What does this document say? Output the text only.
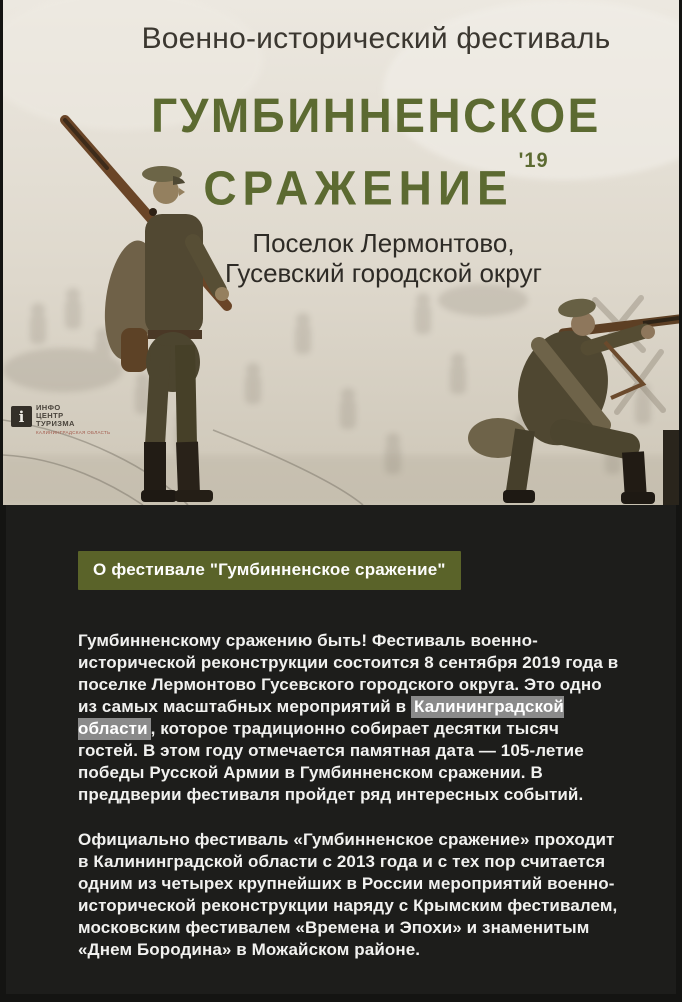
Военно-исторический фестиваль
ГУМБИННЕНСКОЕ
СРАЖЕНИЕ $^{'19}$
Поселок Лермонтово,
Гусевский городской округ
i	ИНФО
ЦЕНТР
ТУРИЗМА
КАЛИНИНГРАДСКАЯ ОБЛАСТЬ
О фестивале "Гумбинненское сражение"

Гумбинненскому сражению быть! Фестиваль военно-исторической реконструкции состоится 8 сентября 2019 года в поселке Лермонтово Гусевского городского округа. Это одно из самых масштабных мероприятий в Калининградской области , которое традиционно собирает десятки тысяч гостей. В этом году отмечается памятная дата — 105-летие победы Русской Армии в Гумбинненском сражении. В преддверии фестиваля пройдет ряд интересных событий.

Официально фестиваль «Гумбинненское сражение» проходит в Калининградской области с 2013 года и с тех пор считается одним из четырех крупнейших в России мероприятий военно-исторической реконструкции наряду с Крымским фестивалем, московским фестивалем «Времена и Эпохи» и знаменитым «Днем Бородина» в Можайском районе.
